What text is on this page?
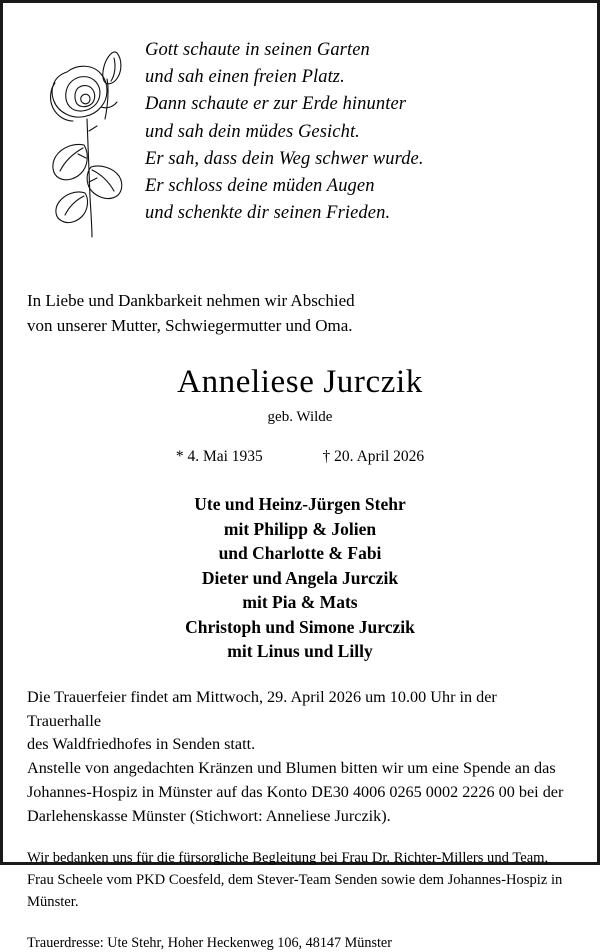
Gott schaute in seinen Garten
und sah einen freien Platz.
Dann schaute er zur Erde hinunter
und sah dein müdes Gesicht.
Er sah, dass dein Weg schwer wurde.
Er schloss deine müden Augen
und schenkte dir seinen Frieden.
In Liebe und Dankbarkeit nehmen wir Abschied
von unserer Mutter, Schwiegermutter und Oma.
Anneliese Jurczik
geb. Wilde
* 4. Mai 1935	† 20. April 2026
Ute und Heinz-Jürgen Stehr
mit Philipp & Jolien
und Charlotte & Fabi
Dieter und Angela Jurczik
mit Pia & Mats
Christoph und Simone Jurczik
mit Linus und Lilly

Die Trauerfeier findet am Mittwoch, 29. April 2026 um 10.00 Uhr in der Trauerhalle

des Waldfriedhofes in Senden statt.

Anstelle von angedachten Kränzen und Blumen bitten wir um eine Spende an das

Johannes-Hospiz in Münster auf das Konto DE30 4006 0265 0002 2226 00 bei der

Darlehenskasse Münster (Stichwort: Anneliese Jurczik).

Wir bedanken uns für die fürsorgliche Begleitung bei Frau Dr. Richter-Millers und Team,

Frau Scheele vom PKD Coesfeld, dem Stever-Team Senden sowie dem Johannes-Hospiz in

Münster.

Trauerdresse: Ute Stehr, Hoher Heckenweg 106, 48147 Münster
